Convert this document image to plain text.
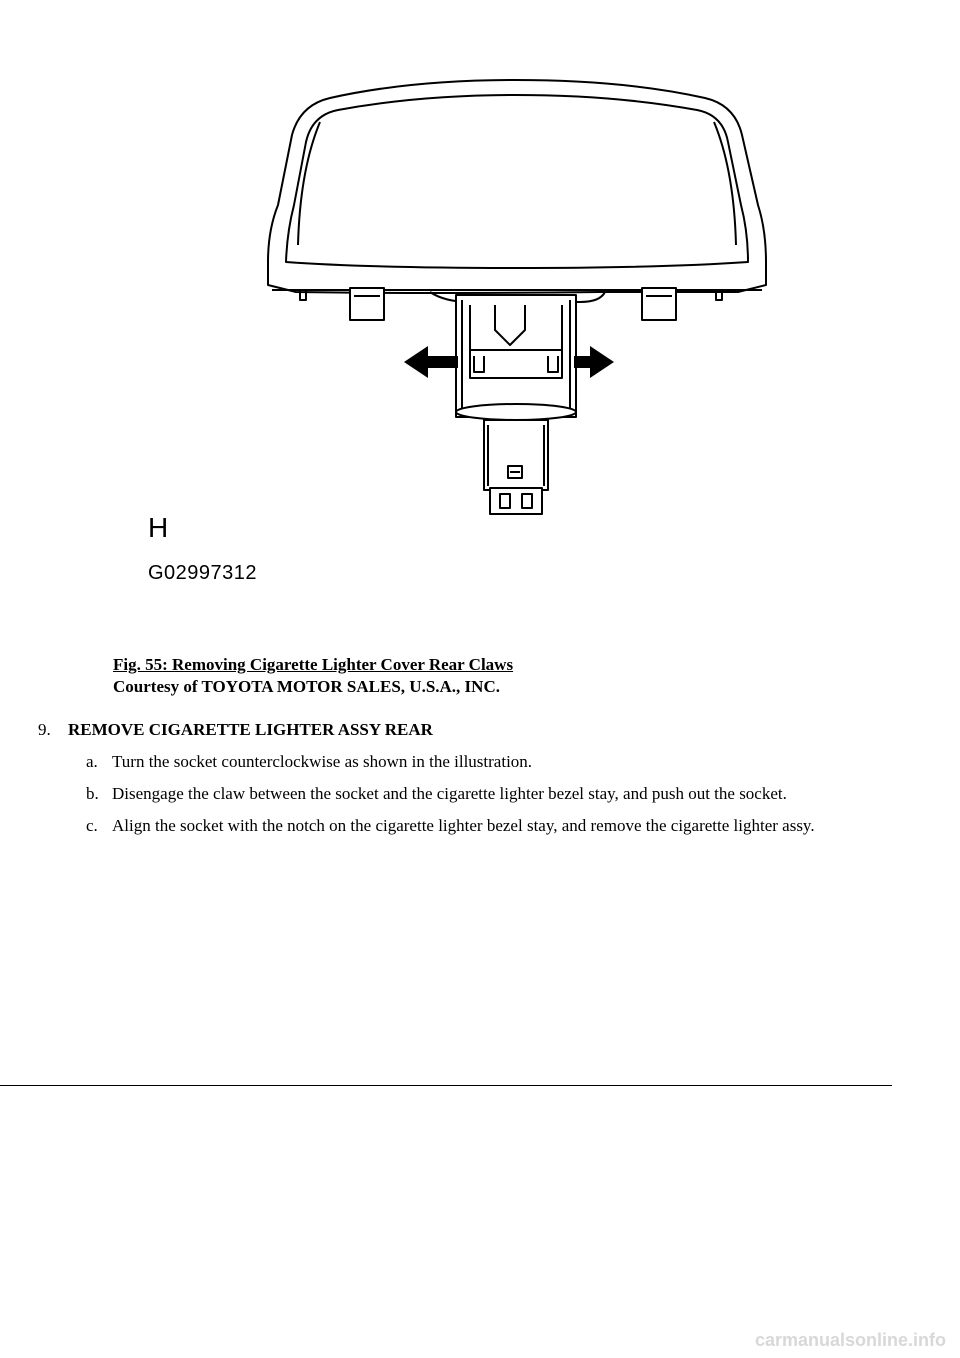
H
G02997312
Fig. 55: Removing Cigarette Lighter Cover Rear Claws
Courtesy of TOYOTA MOTOR SALES, U.S.A., INC.
9. REMOVE CIGARETTE LIGHTER ASSY REAR
a. Turn the socket counterclockwise as shown in the illustration.
b. Disengage the claw between the socket and the cigarette lighter bezel stay, and push out the socket.
c. Align the socket with the notch on the cigarette lighter bezel stay, and remove the cigarette lighter assy.
carmanualsonline.info
